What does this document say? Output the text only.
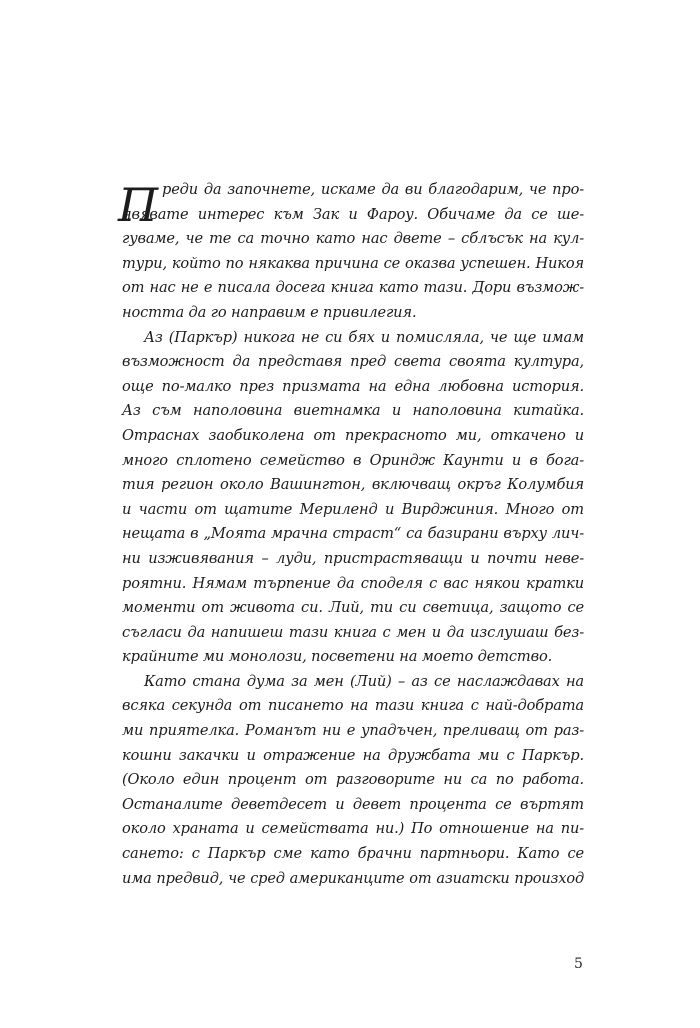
П реди да започнете, искаме да ви благодарим, че про-
явявате интерес към Зак и Фароу. Обичаме да се ше-
гуваме, че те са точно като нас двете – сблъсък на кул-
тури, който по някаква причина се оказва успешен. Никоя
от нас не е писала досега книга като тази. Дори възмож-
ността да го направим е привилегия.
Аз (Паркър) никога не си бях и помисляла, че ще имам
възможност да представя пред света своята култура,
още по-малко през призмата на една любовна история.
Аз съм наполовина виетнамка и наполовина китайка.
Отраснах заобиколена от прекрасното ми, откачено и
много сплотено семейство в Ориндж Каунти и в бога-
тия регион около Вашингтон, включващ окръг Колумбия
и части от щатите Мериленд и Вирджиния. Много от
нещата в „Моята мрачна страст“ са базирани върху лич-
ни изживявания – луди, пристрастяващи и почти неве-
роятни. Нямам търпение да споделя с вас някои кратки
моменти от живота си. Лий, ти си светица, защото се
съгласи да напишеш тази книга с мен и да изслушаш без-
крайните ми монолози, посветени на моето детство.
Като стана дума за мен (Лий) – аз се наслаждавах на
всяка секунда от писането на тази книга с най-добрата
ми приятелка. Романът ни е упадъчен, преливащ от раз-
кошни закачки и отражение на дружбата ми с Паркър.
(Около един процент от разговорите ни са по работа.
Останалите деветдесет и девет процента се въртят
около храната и семействата ни.) По отношение на пи-
сането: с Паркър сме като брачни партньори. Като се
има предвид, че сред американците от азиатски произход
5
